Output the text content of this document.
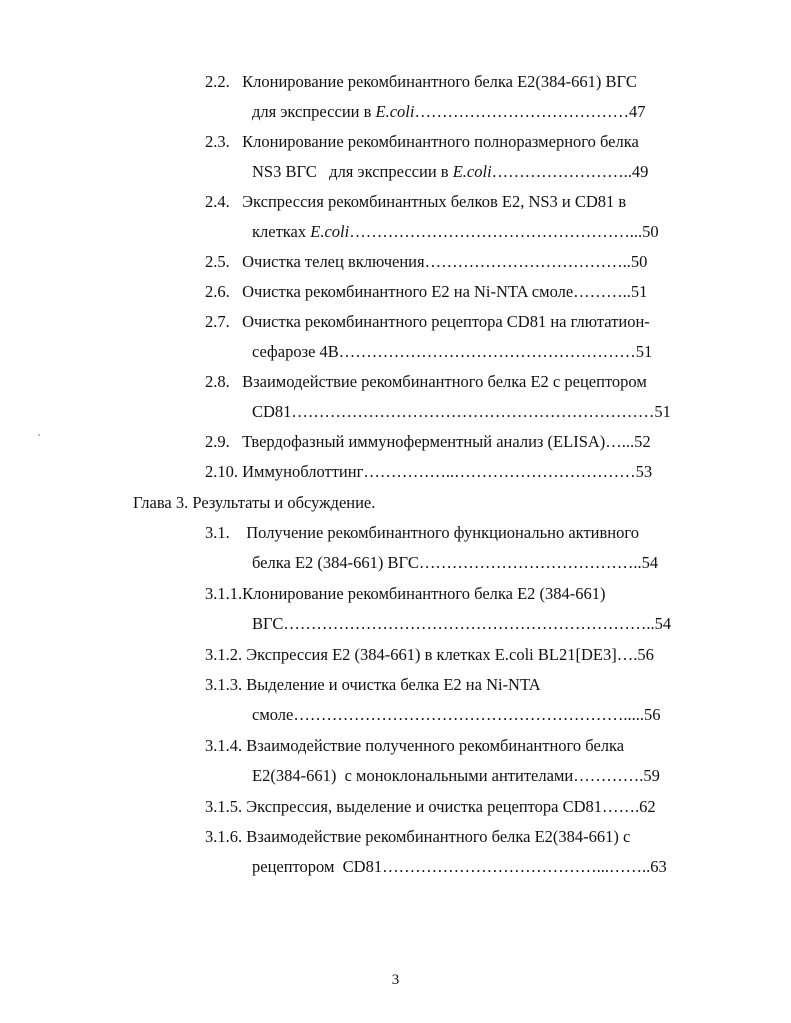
2.2.   Клонирование рекомбинантного белка E2(384-661) ВГС
для экспрессии в E.coli…………………………………47
2.3.   Клонирование рекомбинантного полноразмерного белка
NS3 ВГС   для экспрессии в E.coli……………………..49
2.4.   Экспрессия рекомбинантных белков E2, NS3 и CD81 в
клетках E.coli……………………………………………...50
2.5.   Очистка телец включения………………………………..50
2.6.   Очистка рекомбинантного E2 на Ni-NTA смоле………..51
2.7.   Очистка рекомбинантного рецептора CD81 на глютатион-
сефарозе 4В………………………………………………51
2.8.   Взаимодействие рекомбинантного белка E2 с рецептором
CD81…………………………………………………………51
2.9.   Твердофазный иммуноферментный анализ (ELISA)…...52
2.10. Иммуноблоттинг……………..……………………………53
Глава 3. Результаты и обсуждение.
3.1.    Получение рекомбинантного функционально активного
белка E2 (384-661) ВГС…………………………………..54
3.1.1.Клонирование рекомбинантного белка E2 (384-661)
ВГС…………………………………………………………..54
3.1.2. Экспрессия E2 (384-661) в клетках E.coli BL21[DE3]….56
3.1.3. Выделение и очистка белка E2 на Ni-NTA
смоле…………………………………………………….....56
3.1.4. Взаимодействие полученного рекомбинантного белка
E2(384-661)  с моноклональными антителами………….59
3.1.5. Экспрессия, выделение и очистка рецептора CD81…….62
3.1.6. Взаимодействие рекомбинантного белка E2(384-661) с
рецептором  CD81…………………………………...……..63
3
